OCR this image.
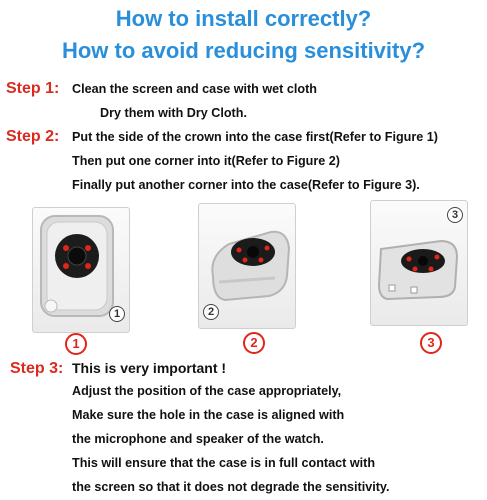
How to install correctly?
How to avoid reducing sensitivity?
Step 1: Clean the screen and case with wet cloth
Dry them with Dry Cloth.
Step 2: Put the side of the crown into the case first(Refer to Figure 1)
Then put one corner into it(Refer to Figure 2)
Finally put another corner into the case(Refer to Figure 3).
1	2
3
1	2	3
Step 3: This is very important !
Adjust the position of the case appropriately,
Make sure the hole in the case is aligned with
the microphone and speaker of the watch.
This will ensure that the case is in full contact with
the screen so that it does not degrade the sensitivity.
